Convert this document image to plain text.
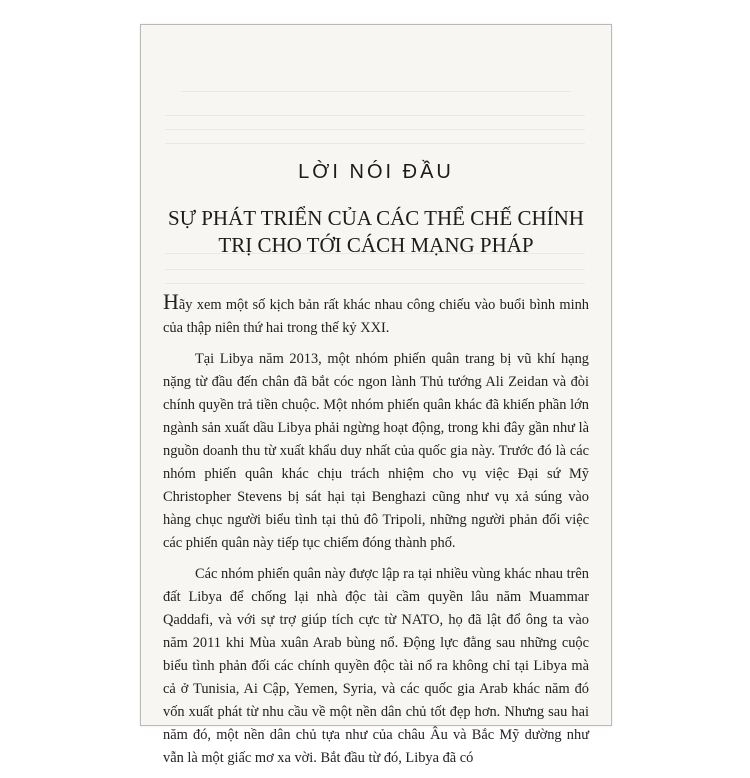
LỜI NÓI ĐẦU
SỰ PHÁT TRIỂN CỦA CÁC THỂ CHẾ CHÍNH TRỊ CHO TỚI CÁCH MẠNG PHÁP

Hãy xem một số kịch bản rất khác nhau công chiếu vào buổi bình minh của thập niên thứ hai trong thế kỷ XXI.

Tại Libya năm 2013, một nhóm phiến quân trang bị vũ khí hạng nặng từ đầu đến chân đã bắt cóc ngon lành Thủ tướng Ali Zeidan và đòi chính quyền trả tiền chuộc. Một nhóm phiến quân khác đã khiến phần lớn ngành sản xuất dầu Libya phải ngừng hoạt động, trong khi đây gần như là nguồn doanh thu từ xuất khẩu duy nhất của quốc gia này. Trước đó là các nhóm phiến quân khác chịu trách nhiệm cho vụ việc Đại sứ Mỹ Christopher Stevens bị sát hại tại Benghazi cũng như vụ xả súng vào hàng chục người biểu tình tại thủ đô Tripoli, những người phản đối việc các phiến quân này tiếp tục chiếm đóng thành phố.

Các nhóm phiến quân này được lập ra tại nhiều vùng khác nhau trên đất Libya để chống lại nhà độc tài cầm quyền lâu năm Muammar Qaddafi, và với sự trợ giúp tích cực từ NATO, họ đã lật đổ ông ta vào năm 2011 khi Mùa xuân Arab bùng nổ. Động lực đằng sau những cuộc biểu tình phản đối các chính quyền độc tài nổ ra không chỉ tại Libya mà cả ở Tunisia, Ai Cập, Yemen, Syria, và các quốc gia Arab khác năm đó vốn xuất phát từ nhu cầu về một nền dân chủ tốt đẹp hơn. Nhưng sau hai năm đó, một nền dân chủ tựa như của châu Âu và Bắc Mỹ dường như vẫn là một giấc mơ xa vời. Bắt đầu từ đó, Libya đã có
